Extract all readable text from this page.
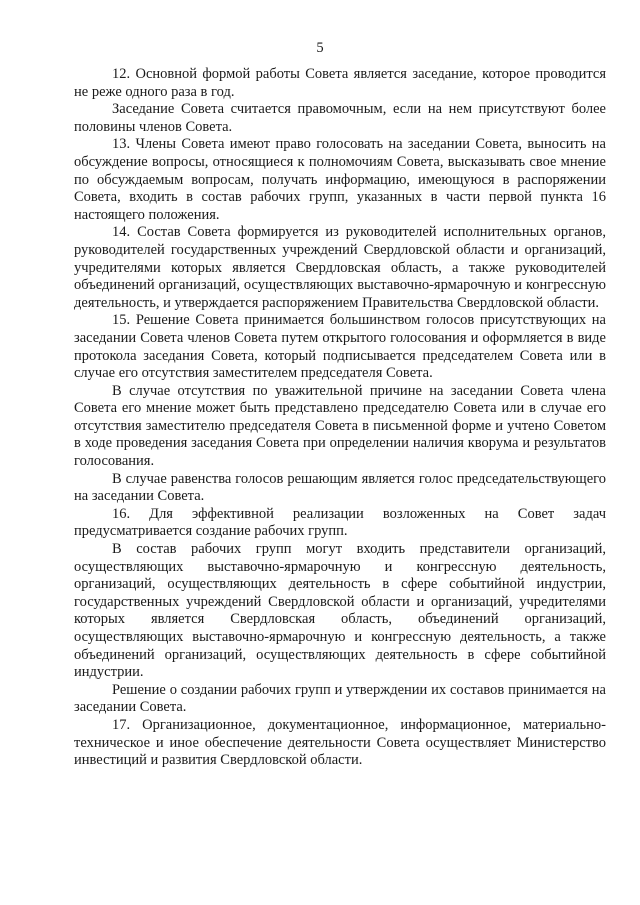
5

12. Основной формой работы Совета является заседание, которое проводится не реже одного раза в год.

Заседание Совета считается правомочным, если на нем присутствуют более половины членов Совета.

13. Члены Совета имеют право голосовать на заседании Совета, выносить на обсуждение вопросы, относящиеся к полномочиям Совета, высказывать свое мнение по обсуждаемым вопросам, получать информацию, имеющуюся в распоряжении Совета, входить в состав рабочих групп, указанных в части первой пункта 16 настоящего положения.

14. Состав Совета формируется из руководителей исполнительных органов, руководителей государственных учреждений Свердловской области и организаций, учредителями которых является Свердловская область, а также руководителей объединений организаций, осуществляющих выставочно-ярмарочную и конгрессную деятельность, и утверждается распоряжением Правительства Свердловской области.

15. Решение Совета принимается большинством голосов присутствующих на заседании Совета членов Совета путем открытого голосования и оформляется в виде протокола заседания Совета, который подписывается председателем Совета или в случае его отсутствия заместителем председателя Совета.

В случае отсутствия по уважительной причине на заседании Совета члена Совета его мнение может быть представлено председателю Совета или в случае его отсутствия заместителю председателя Совета в письменной форме и учтено Советом в ходе проведения заседания Совета при определении наличия кворума и результатов голосования.

В случае равенства голосов решающим является голос председательствующего на заседании Совета.

16. Для эффективной реализации возложенных на Совет задач предусматривается создание рабочих групп.

В состав рабочих групп могут входить представители организаций, осуществляющих выставочно-ярмарочную и конгрессную деятельность, организаций, осуществляющих деятельность в сфере событийной индустрии, государственных учреждений Свердловской области и организаций, учредителями которых является Свердловская область, объединений организаций, осуществляющих выставочно-ярмарочную и конгрессную деятельность, а также объединений организаций, осуществляющих деятельность в сфере событийной индустрии.

Решение о создании рабочих групп и утверждении их составов принимается на заседании Совета.

17. Организационное, документационное, информационное, материально-техническое и иное обеспечение деятельности Совета осуществляет Министерство инвестиций и развития Свердловской области.
